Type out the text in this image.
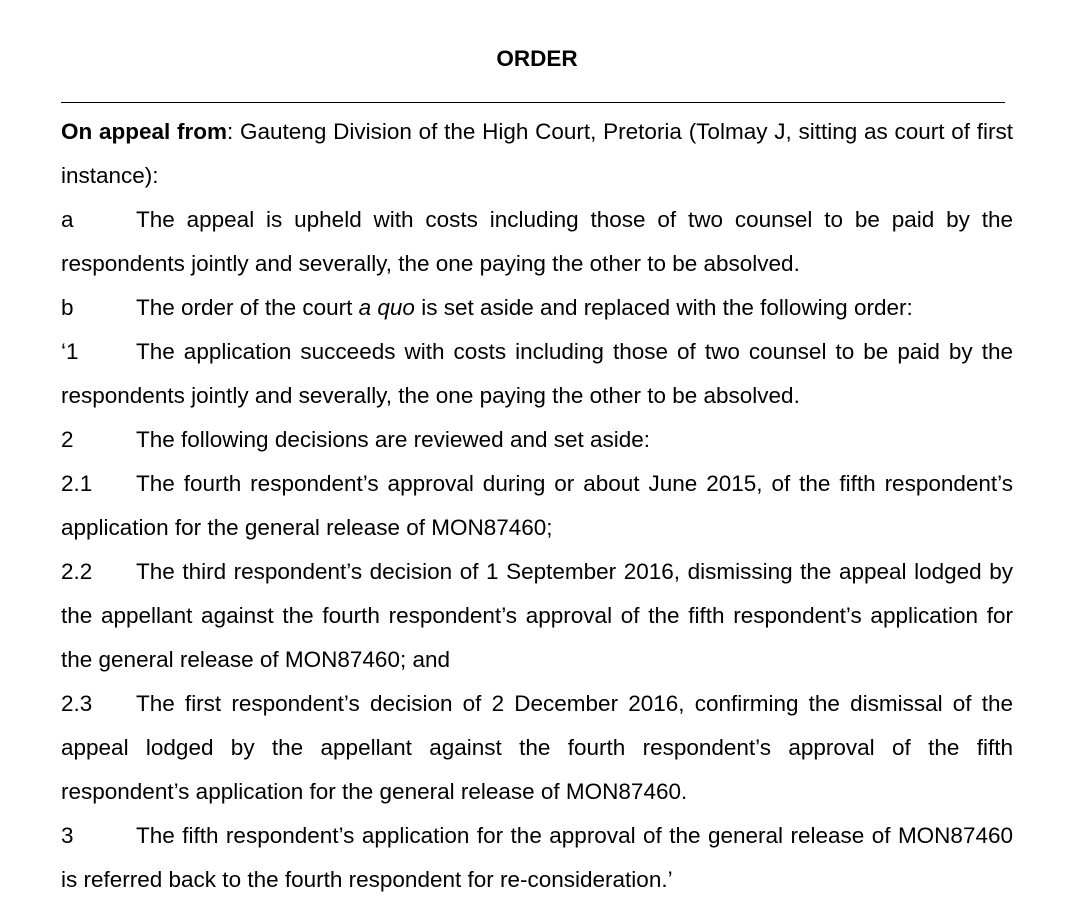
ORDER

On appeal from: Gauteng Division of the High Court, Pretoria (Tolmay J, sitting as court of first instance):

a	The appeal is upheld with costs including those of two counsel to be paid by the respondents jointly and severally, the one paying the other to be absolved.

b	The order of the court a quo is set aside and replaced with the following order:

‘1	The application succeeds with costs including those of two counsel to be paid by the respondents jointly and severally, the one paying the other to be absolved.

2	The following decisions are reviewed and set aside:

2.1 The fourth respondent’s approval during or about June 2015, of the fifth respondent’s application for the general release of MON87460;

2.2 The third respondent’s decision of 1 September 2016, dismissing the appeal lodged by the appellant against the fourth respondent’s approval of the fifth respondent’s application for the general release of MON87460; and

2.3 The first respondent’s decision of 2 December 2016, confirming the dismissal of the appeal lodged by the appellant against the fourth respondent’s approval of the fifth respondent’s application for the general release of MON87460.

3	The fifth respondent’s application for the approval of the general release of MON87460 is referred back to the fourth respondent for re-consideration.’
